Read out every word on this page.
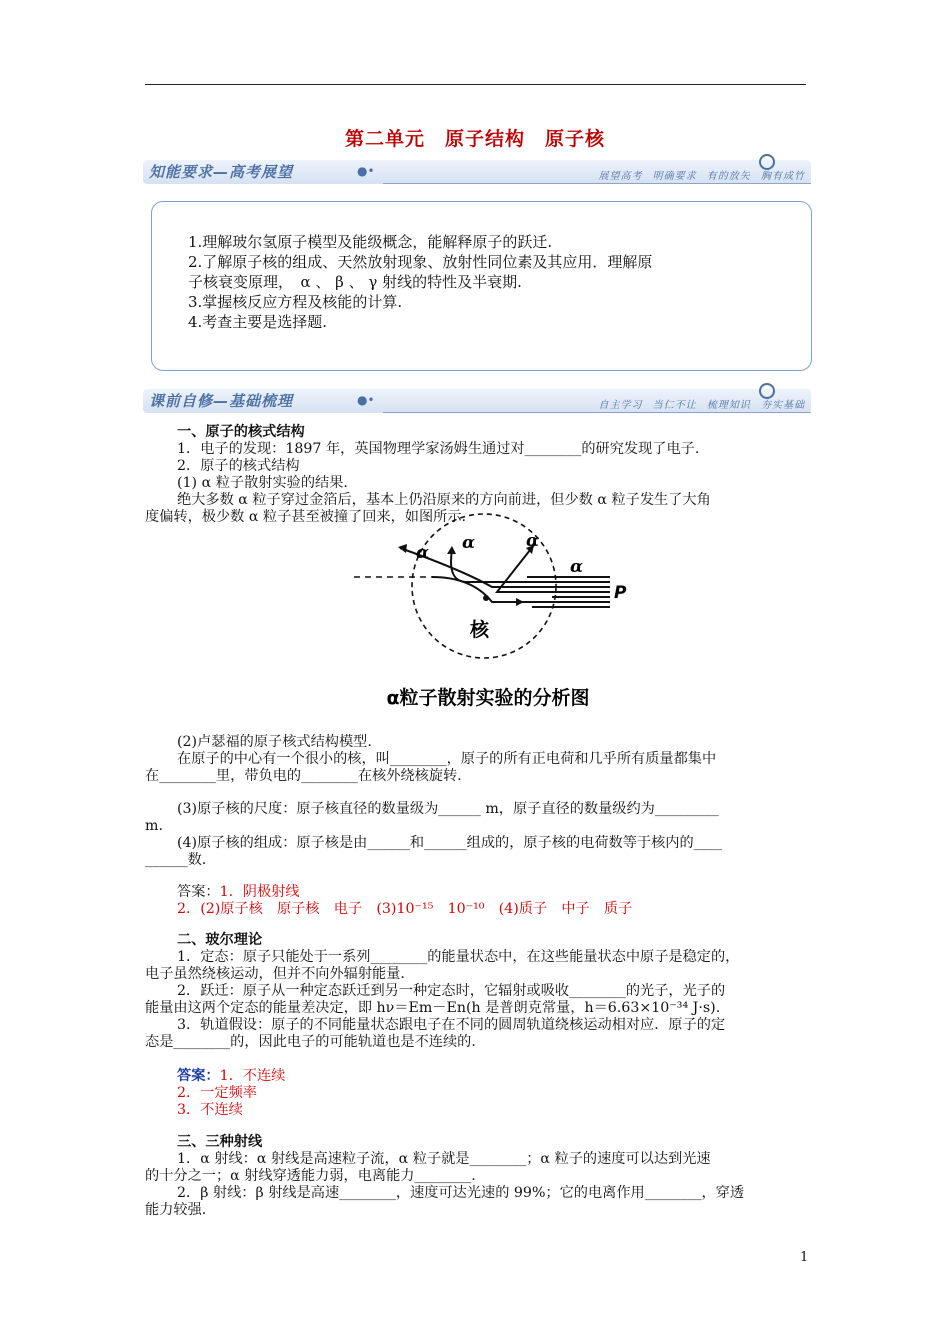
第二单元　原子结构　原子核
知能要求—高考展望	●•	展望高考 明确要求 有的放矢 胸有成竹
1.理解玻尔氢原子模型及能级概念，能解释原子的跃迁.
2.了解原子核的组成、天然放射现象、放射性同位素及其应用．理解原
子核衰变原理，　α 、 β 、 γ 射线的特性及半衰期.
3.掌握核反应方程及核能的计算.
4.考查主要是选择题.
课前自修—基础梳理	●•	自主学习 当仁不让 梳理知识 夯实基础
一、原子的核式结构
1．电子的发现：1897 年，英国物理学家汤姆生通过对________的研究发现了电子.
2．原子的核式结构
(1) α 粒子散射实验的结果.
绝大多数 α 粒子穿过金箔后，基本上仍沿原来的方向前进，但少数 α 粒子发生了大角
度偏转，极少数 α 粒子甚至被撞了回来，如图所示.
α α	α
α
P
核
α粒子散射实验的分析图
(2)卢瑟福的原子核式结构模型.
在原子的中心有一个很小的核，叫________，原子的所有正电荷和几乎所有质量都集中
在________里，带负电的________在核外绕核旋转.
(3)原子核的尺度：原子核直径的数量级为______ m，原子直径的数量级约为_________
m.
(4)原子核的组成：原子核是由______和______组成的，原子核的电荷数等于核内的____
______数.
答案：1．阴极射线
2．(2)原子核　原子核　电子　(3)10⁻¹⁵　10⁻¹⁰　(4)质子　中子　质子
二、玻尔理论
1．定态：原子只能处于一系列________的能量状态中，在这些能量状态中原子是稳定的，
电子虽然绕核运动，但并不向外辐射能量.
2．跃迁：原子从一种定态跃迁到另一种定态时，它辐射或吸收________的光子，光子的
能量由这两个定态的能量差决定，即 hν＝Em－En(h 是普朗克常量，h＝6.63×10⁻³⁴ J·s).
3．轨道假设：原子的不同能量状态跟电子在不同的圆周轨道绕核运动相对应．原子的定
态是________的，因此电子的可能轨道也是不连续的.
答案：1．不连续
2．一定频率
3．不连续
三、三种射线
1．α 射线：α 射线是高速粒子流，α 粒子就是________；α 粒子的速度可以达到光速
的十分之一；α 射线穿透能力弱，电离能力________.
2．β 射线：β 射线是高速________，速度可达光速的 99%；它的电离作用________，穿透
能力较强.
1
